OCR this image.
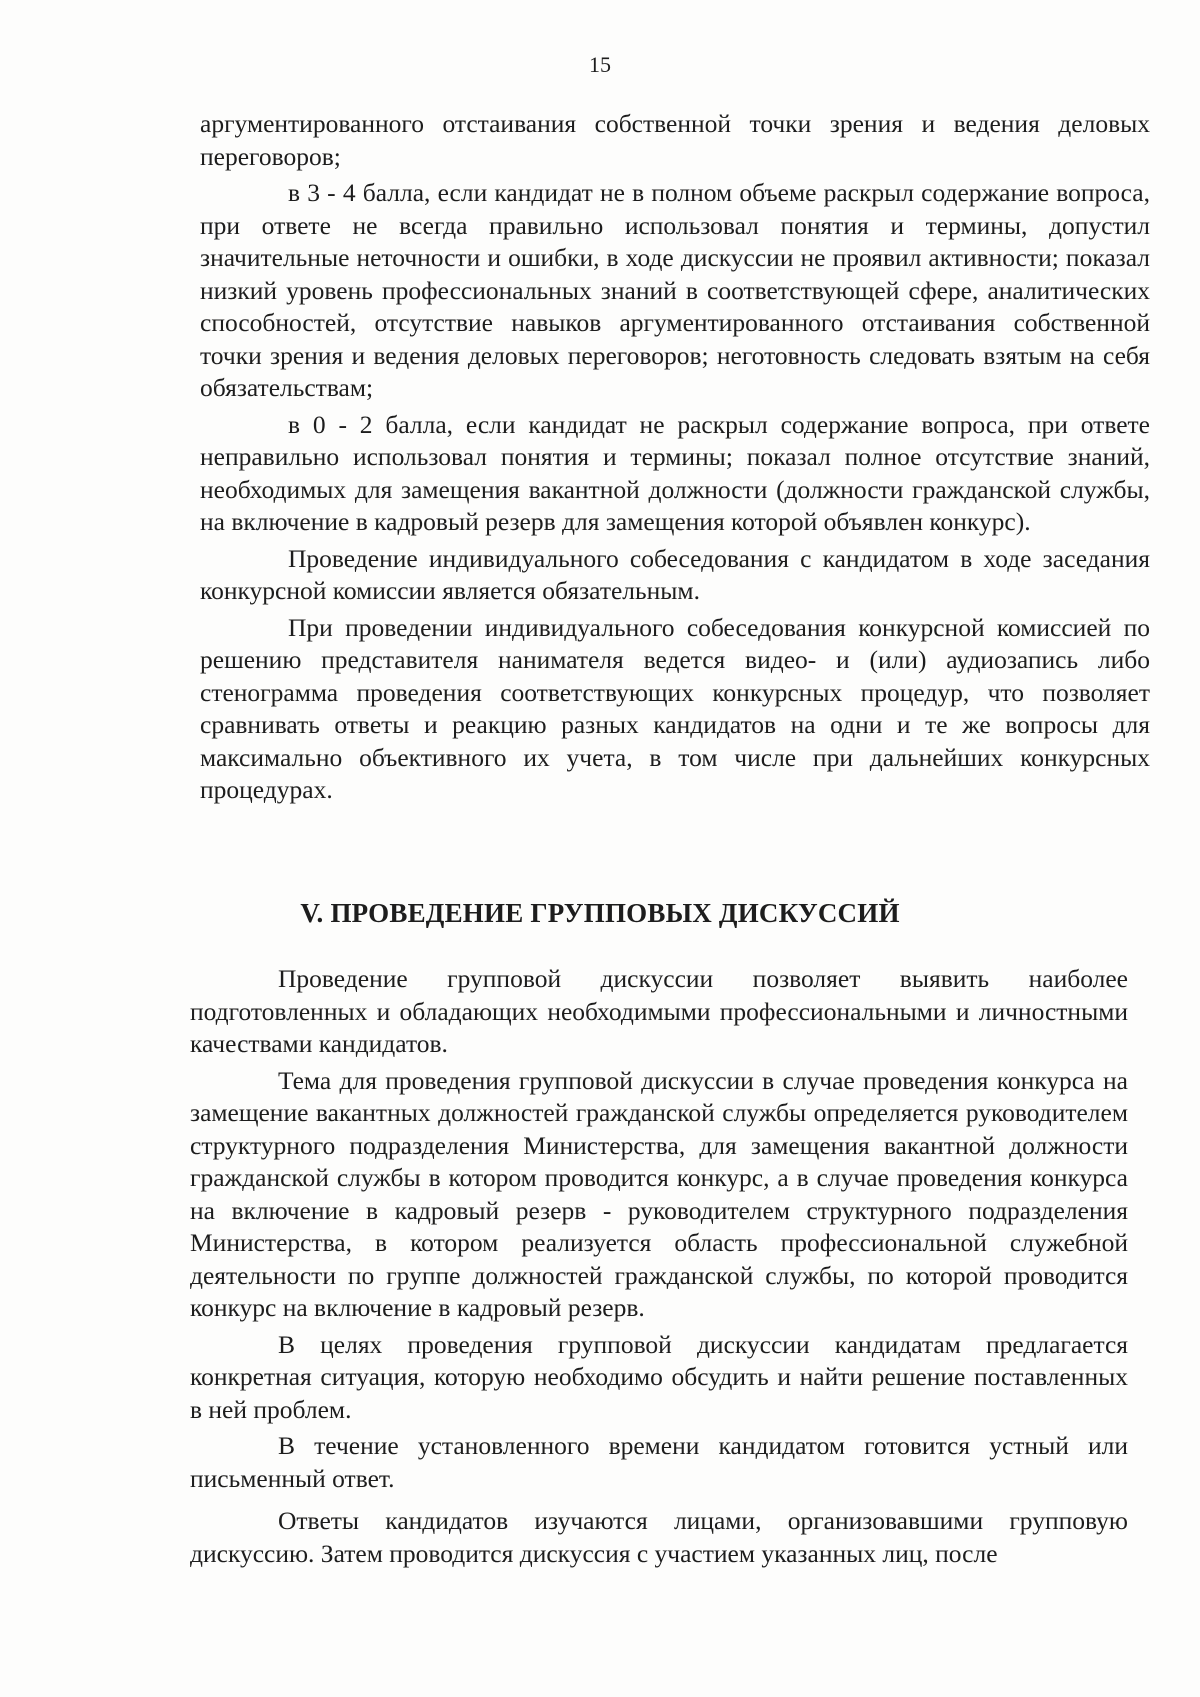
15

аргументированного отстаивания собственной точки зрения и ведения деловых переговоров;

в 3 - 4 балла, если кандидат не в полном объеме раскрыл содержание вопроса, при ответе не всегда правильно использовал понятия и термины, допустил значительные неточности и ошибки, в ходе дискуссии не проявил активности; показал низкий уровень профессиональных знаний в соответствующей сфере, аналитических способностей, отсутствие навыков аргументированного отстаивания собственной точки зрения и ведения деловых переговоров; неготовность следовать взятым на себя обязательствам;

в 0 - 2 балла, если кандидат не раскрыл содержание вопроса, при ответе неправильно использовал понятия и термины; показал полное отсутствие знаний, необходимых для замещения вакантной должности (должности гражданской службы, на включение в кадровый резерв для замещения которой объявлен конкурс).

Проведение индивидуального собеседования с кандидатом в ходе заседания конкурсной комиссии является обязательным.

При проведении индивидуального собеседования конкурсной комиссией по решению представителя нанимателя ведется видео- и (или) аудиозапись либо стенограмма проведения соответствующих конкурсных процедур, что позволяет сравнивать ответы и реакцию разных кандидатов на одни и те же вопросы для максимально объективного их учета, в том числе при дальнейших конкурсных процедурах.

V. ПРОВЕДЕНИЕ ГРУППОВЫХ ДИСКУССИЙ

Проведение групповой дискуссии позволяет выявить наиболее подготовленных и обладающих необходимыми профессиональными и личностными качествами кандидатов.

Тема для проведения групповой дискуссии в случае проведения конкурса на замещение вакантных должностей гражданской службы определяется руководителем структурного подразделения Министерства, для замещения вакантной должности гражданской службы в котором проводится конкурс, а в случае проведения конкурса на включение в кадровый резерв - руководителем структурного подразделения Министерства, в котором реализуется область профессиональной служебной деятельности по группе должностей гражданской службы, по которой проводится конкурс на включение в кадровый резерв.

В целях проведения групповой дискуссии кандидатам предлагается конкретная ситуация, которую необходимо обсудить и найти решение поставленных в ней проблем.

В течение установленного времени кандидатом готовится устный или письменный ответ.

Ответы кандидатов изучаются лицами, организовавшими групповую дискуссию. Затем проводится дискуссия с участием указанных лиц, после
